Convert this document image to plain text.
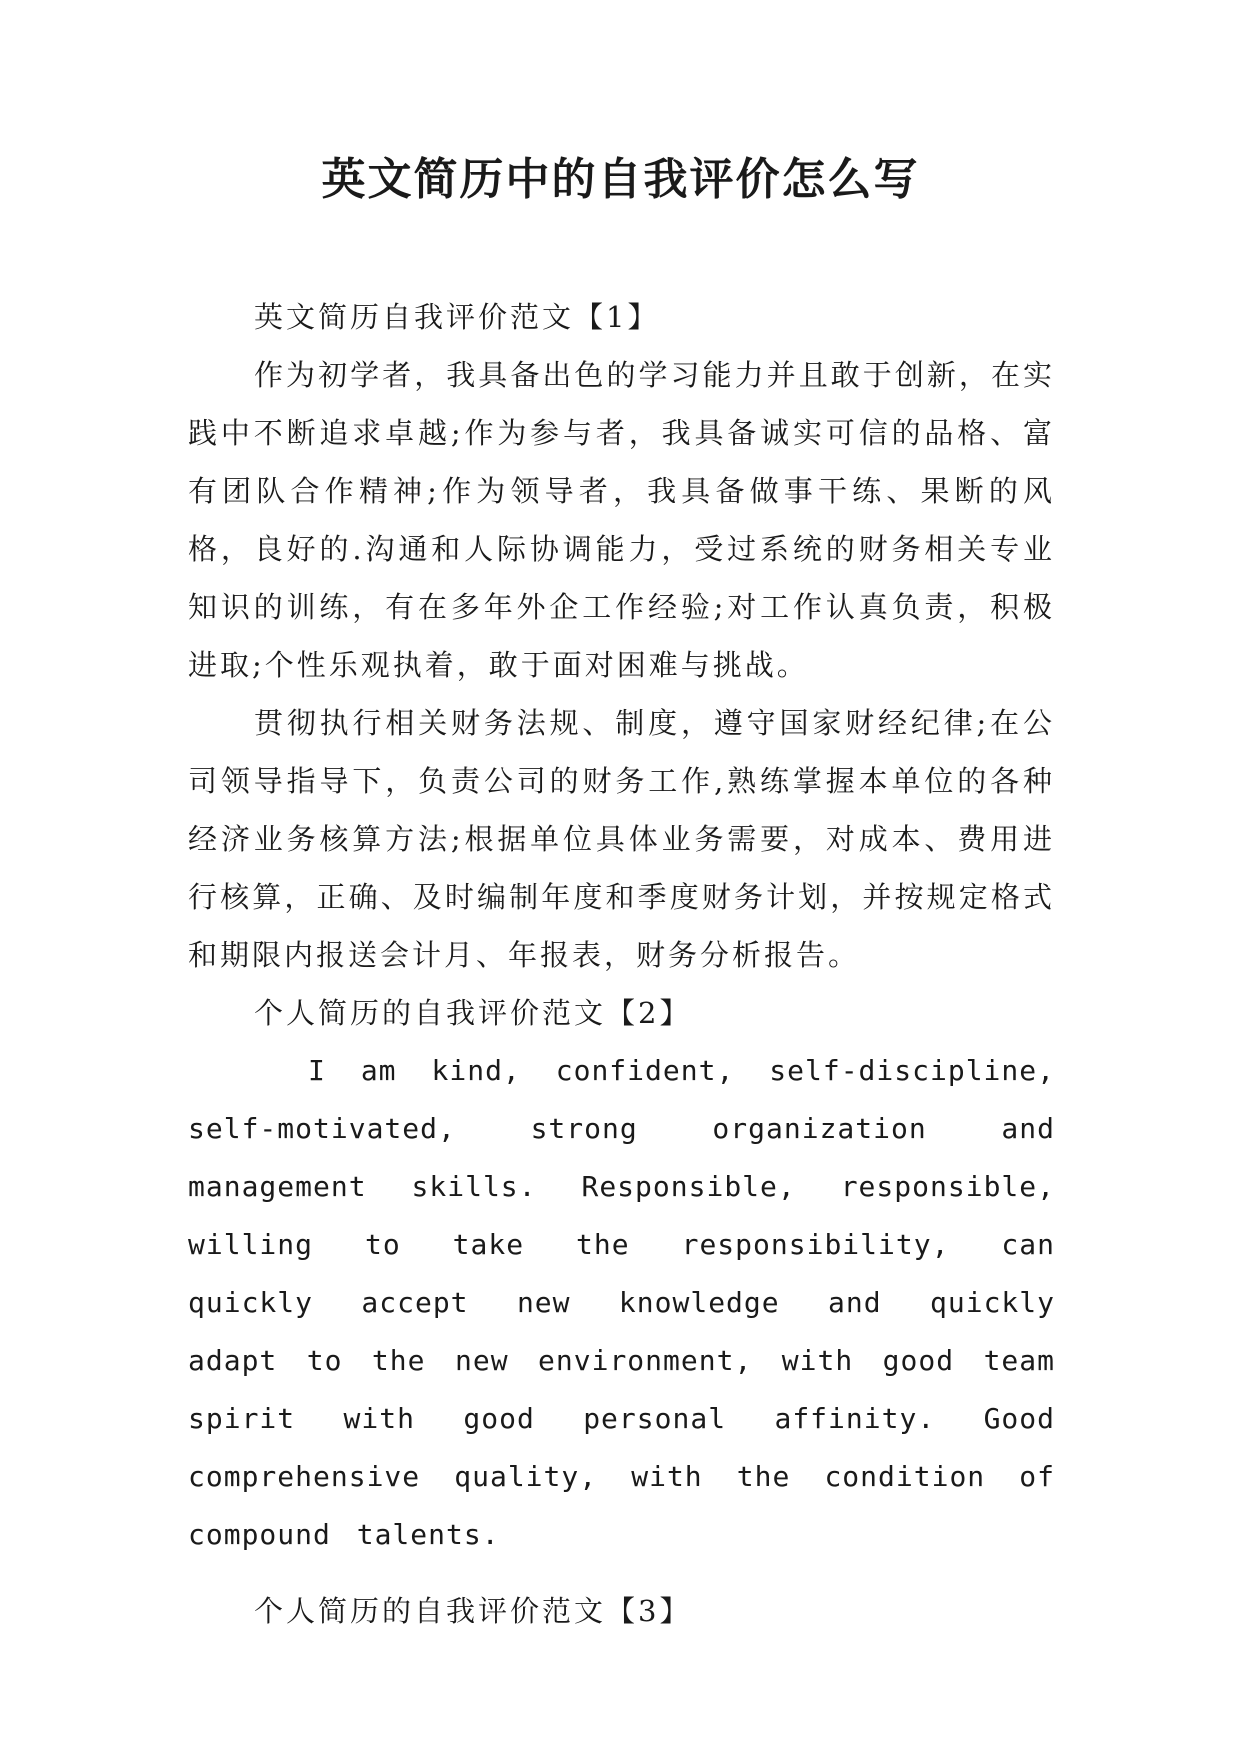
英文简历中的自我评价怎么写

英文简历自我评价范文【1】

作为初学者，我具备出色的学习能力并且敢于创新，在实践中不断追求卓越;作为参与者，我具备诚实可信的品格、富有团队合作精神;作为领导者，我具备做事干练、果断的风格，良好的.沟通和人际协调能力，受过系统的财务相关专业知识的训练，有在多年外企工作经验;对工作认真负责，积极进取;个性乐观执着，敢于面对困难与挑战。

贯彻执行相关财务法规、制度，遵守国家财经纪律;在公司领导指导下，负责公司的财务工作,熟练掌握本单位的各种经济业务核算方法;根据单位具体业务需要，对成本、费用进行核算，正确、及时编制年度和季度财务计划，并按规定格式和期限内报送会计月、年报表，财务分析报告。

个人简历的自我评价范文【2】

I am kind, confident, self-discipline, self-motivated, strong organization and management skills. Responsible, responsible, willing to take the responsibility, can quickly accept new knowledge and quickly adapt to the new environment, with good team spirit with good personal affinity. Good comprehensive quality, with the condition of compound talents.

个人简历的自我评价范文【3】
